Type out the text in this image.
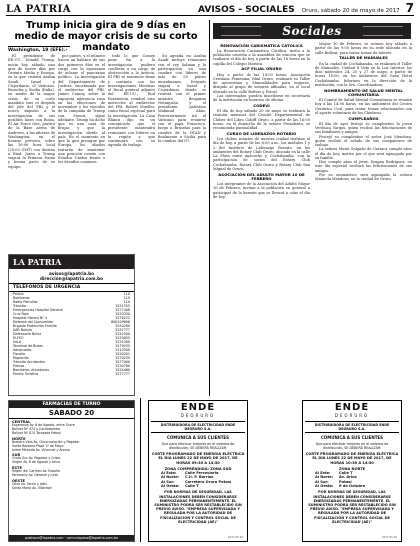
LA PATRIA	AVISOS - SOCIALES	Oruro, sábado 20 de mayo de 2017 7
Trump inicia gira de 9 días en medio de mayor crisis de su corto mandato
Washington, 19 (EFE).-

El presidente de EE.UU., Donald Trump, inicia hoy sábado una gira de nueve días por Oriente Medio y Europa, en la que visitará Arabia Saudí, Israel y Cisjordania, el Vaticano, Bruselas y Sicilia (Italia), en medio de la mayor crisis de su corto mandato tras el despido del jefe del FBI y el nuevo impulso a la investigación de sus posibles lazos con Rusia. El Air Force One, partirá de la Base aérea de Andrews, a las afueras de Washington, en el horario previsto, sobre las 16:00 hora local (20:00 GMT) con destino a Riad. Junto a Trump viajará la Primera Dama y buena parte de su equipo.

por países, y el número hacen un balance de sus dos primeros días en el cargo con la esperanza de aclarar el panorama político. La investigación del Departamento de Justicia, encabezada por el exdirector del FBI, James Comey, sobre la supuesta injerencia rusa en las elecciones de noviembre y los vínculos de la campaña de Trump con Moscú, sigue adelante. Trump ha dicho que es una caza de brujas y que la investigación divide al país. En el momento en que la gira prosigue por Europa, los aliados tratarán de mantener una posición común con Estados Unidos frente a los desafíos comunes.

todo lo que Comey pone fin a la investigación pudiera conllevar a un cargo de obstrucción a la justicia. El FBI se mantiene firme y continúa con las investigaciones. Mientras el fiscal general adjunto del EE.UU., Rod Rosenstein, nombró este miércoles al exdirector del FBI, Robert Mueller, como fiscal especial para la investigación. La Casa Blanca dijo en un comunicado que el presidente mantendrá reuniones con líderes en la región y que continuará con su agenda de trabajo.

Su agenda en Arabia Saudí incluye reuniones con el rey Salman y la participación en una cumbre con líderes de más de 50 países musulmanes. Después viajará a Israel y Cisjordania, donde se reunirá con el primer ministro Benjamin Netanyahu y el presidente palestino Mahmud Abás. Posteriormente irá al Vaticano para reunirse con el papa Francisco, luego a Bruselas para la cumbre de la OTAN y finalmente a Sicilia para la cumbre del G7.

Sociales
RENOVACIÓN CARISMÁTICA CATÓLICA

La Renovación Carismática Católica, invita a la población orureña a la asamblea de oración que se realizará el día de hoy a partir de las 18 horas en la capilla del Colegio Marista.

ACF FILIAL ORURO

Hoy a partir de las 14:00 horas, Asociación Cristiana Femenina, filial Oruro, realizará su Taller de Autoestima y Manualidades para mujeres, dirigido al grupo de señoras afiliadas, en el local ubicado en la calle Bolívar y Potosí.

Las interesadas pueden inscribirse en secretaría de la institución en horarios de oficina.

CODEVI

El día de hoy sábado 20 de mayo se realizará la reunión mensual del Comité Departamental de Clubes del Libro Cohiff Oruro, a partir de las 16:00 horas, en el domicilio de la señora Presidenta, se recomienda puntualidad.

CURSO DE LIDERAZGO ROTARIO

Los clubes rotarios de nuestra ciudad realizan el día de hoy, a partir de las 8:00 a.m., los módulos 1 y 2 del Instituto de Liderazgo Rotario, en los ambientes del Rotary Club Oruro, ubicado en la calle La Plata entre Ayacucho y Cochabamba, con la participación de socios del Rotary Club Cochabamba, Rotary Club Oruro y Rotary Club San Miguel de Oruro.

ASOCIACIÓN DEL ADULTO MAYOR 10 DE FEBRERO

Los integrantes de la Asociación del Adulto Mayor 10 de Febrero, invitan a la población en general a participar de la kermés que se llevará a cabo el día de hoy.

Mayor 10 de Febrero, se reúnen hoy sábado a partir de las 9:00 horas en su sede ubicada en la calle Bolívar, para tratar temas de interés.

TALLER DE MANUALES

En la ciudad de Cochabamba, se realizará el Taller de Manuales, Unidad 8 Vida en la Luz Interior, los días miércoles 24, 25 y 27 de mayo, a partir de horas 15:00, en los ambientes del Gran Hotel Cochabamba. Informes en la dirección de la institución, con la Sra. Coordinadora.

NOMBRAMIENTO DE SALUD MENTAL COMUNITARIA

El Comité de Salud Mental Comunitaria se reunirá hoy a las 14:00 horas, en las ambientes del Centro Gerátrico Ucal, para tratar temas relacionados con el aporte voluntario de los Chuñivos.

CUMPLEAÑOS

El día de ayer festejó su cumpleaños la joven Verónica Vargas, quien recibió las felicitaciones de sus familiares y amigos.

Festejó su cumpleaños el señor José Mendoza, quien recibió el saludo de sus compañeros de trabajo.

La señora María Salgado de Garnica cumple años el día de hoy, motivo por el que será agasajada por su familia.

Hoy cumple años el joven Dragan Rodríguez, en este día especial recibirá las felicitaciones de sus amigos.

Por su onomástico será agasajada la señora Manuela Mendoza, en la ciudad de Oruro.

LA PATRIA
avisos@lapatria.bo
dirección@lapatria.com.bo
TELÉFONOS DE URGENCIA
Policía	110
Bomberos	119
Radio Patrullas	110
Tránsito	5251555
Emergencias Hospital General	5277408
Cruz Roja	5253330
Hospital Obrero Nº 4	5276222
Defensa del Consumidor	800109696
Brigada Protección Familia	5250280
SAR Bolivia	5257777
Defensoría Niñez	5242500
ELFEO	5253055
SeLA	5251300
Terminal de Buses	5279535
Aeropuerto	5113300
Fiscalía	5250201
Migración	5270239
Tránsito Accidentes	5277000
Prensa	5250780
Bomberos Voluntarios	5254460
Policía Turística	5277777
FARMACIAS DE TURNO
SÁBADO 20
CENTRAL
Esperanza Av. 6 de Agosto, entre Sucre
Bolívar Nº 474 y Cochabamba
Bolívar Nº 874 Tarapacá Potosí
NORTE
Nuestra Vida Av. Circunvalación y Pagador
Santa Barbara Plaza 1º de Mayo
Jaime Miranda Av. Villarroel y Aroma
SUR
Cristo Sur Av. Pagador y Cristo
Virgen Av. 6 de Agosto y Arica
ESTE
Virgen del Carmen Av. España
Farmacity Av. Dehene y Junín
OESTE
Olivo Av. Tacna y Jaén
Santa María Av. Villarroel
publique@lapatria.com · comuníquese@lapatria.com.bo
ENDE
DEORURO
DISTRIBUIDORA DE ELECTRICIDAD ENDE DEORURO S.A.
COMUNICA A SUS CLIENTES
Que para efectuar mejoras en el sistema de distribución, SE DEBERÁ REALIZAR:
CORTE PROGRAMADO DE ENERGÍA ELÉCTRICA EL DÍA LUNES 22 DE MAYO DE 2017, DE HORAS 09:30 A 14:30
ZONA COMPRENDIDA: ZONA SUD
Al Este:	Calle Ferroviaria
Al Norte:	C.II. P. Barrios
Al Sur:	Carretera Oruro Potosí
Al Oeste:	Calle T
POR NORMAS DE SEGURIDAD, LAS INSTALACIONES DEBEN CONSIDERARSE ENERGIZADAS PERMANENTEMENTE. EL SUMINISTRO PODRÁ SER RESTABLECIDO SIN PREVIO AVISO. "EMPRESA SUPERVISADA Y REGULADA POR LA AUTORIDAD DE FISCALIZACIÓN Y CONTROL SOCIAL DE ELECTRICIDAD (AE)"
2017-05-20
ENDE
DEORURO
DISTRIBUIDORA DE ELECTRICIDAD ENDE DEORURO S.A.
COMUNICA A SUS CLIENTES
Que para efectuar mejoras en el sistema de distribución, SE DEBERÁ REALIZAR:
CORTE PROGRAMADO DE ENERGÍA ELÉCTRICA EL DÍA LUNES 22 DE MAYO DE 2017, DE HORAS 10:30 A 14:30
ZONA NORTE
Al Este:	Calle T
Al Norte:	Av. Arica
Al Sur:	Potosí
Al Oeste:	6 de Octubre
POR NORMAS DE SEGURIDAD, LAS INSTALACIONES DEBEN CONSIDERARSE ENERGIZADAS PERMANENTEMENTE. EL SUMINISTRO PODRÁ SER RESTABLECIDO SIN PREVIO AVISO. "EMPRESA SUPERVISADA Y REGULADA POR LA AUTORIDAD DE FISCALIZACIÓN Y CONTROL SOCIAL DE ELECTRICIDAD (AE)"
2017-05-20
